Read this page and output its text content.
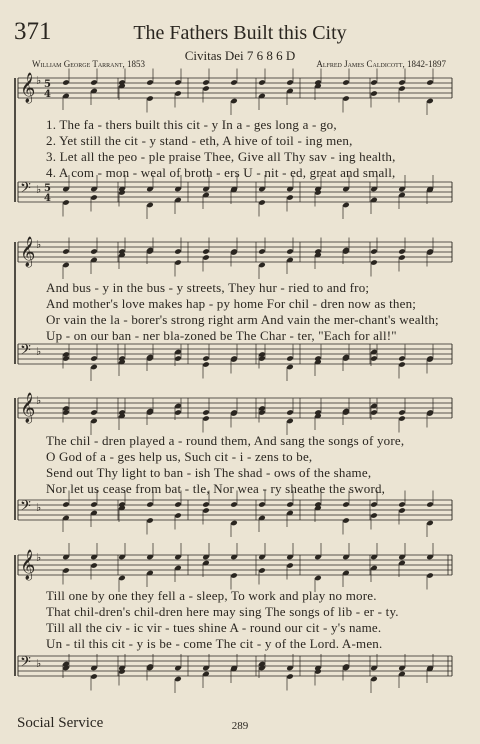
371	The Fathers Built this City
Civitas Dei 7 6 8 6 D
William George Tarrant, 1853	Alfred James Caldicott, 1842-1897
𝄞 ♭ 5
4
𝄢 ♭ 5
4
𝄞 ♭
𝄢 ♭
𝄞 ♭
𝄢 ♭
𝄞 ♭
𝄢 ♭
1. The fa - thers built this cit - y In a - ges long a - go,
2. Yet still the cit - y stand - eth, A hive of toil - ing men,
3. Let all the peo - ple praise Thee, Give all Thy sav - ing health,
4. A com - mon - weal of broth - ers U - nit - ed, great and small,
And bus - y in the bus - y streets, They hur - ried to and fro;
And mother's love makes hap - py home For chil - dren now as then;
Or vain the la - borer's strong right arm And vain the mer-chant's wealth;
Up - on our ban - ner bla-zoned be The Char - ter, "Each for all!"
The chil - dren played a - round them, And sang the songs of yore,
O God of a - ges help us, Such cit - i - zens to be,
Send out Thy light to ban - ish The shad - ows of the shame,
Nor let us cease from bat - tle, Nor wea - ry sheathe the sword,
Till one by one they fell a - sleep, To work and play no more.
That chil-dren's chil-dren here may sing The songs of lib - er - ty.
Till all the civ - ic vir - tues shine A - round our cit - y's name.
Un - til this cit - y is be - come The cit - y of the Lord. A-men.
Social Service	289
